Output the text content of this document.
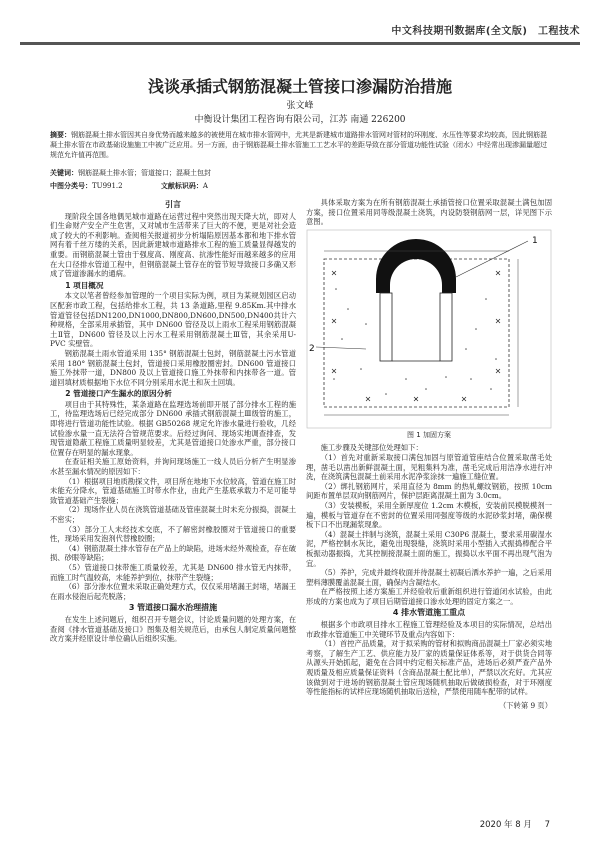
中文科技期刊数据库(全文版)　工程技术
浅谈承插式钢筋混凝土管接口渗漏防治措施
张文峰
中衡设计集团工程咨询有限公司，江苏 南通 226200
摘要：钢筋混凝土排水管因其自身优势而越来越多的被使用在城市排水管网中，尤其是新建城市道路排水管网对管材的环刚度、水压性等要求均较高，因此钢筋混凝土排水管在市政基础设施施工中被广泛应用。另一方面，由于钢筋混凝土排水管施工工艺水平的差距导致在部分管道功能性试验（闭水）中经常出现渗漏量超过规范允许值再范围。
关键词：钢筋混凝土排水管；管道接口；混凝土包封
中图分类号：TU991.2	文献标识码：A
引言

现阶段全国各地偶见城市道路在运营过程中突然出现天降大坑，即对人们生命财产安全产生危害，又对城市生活带来了巨大的不便，更是对社会造成了较大的不利影响。查阅相关报道初步分析塌陷原因基本都和地下排水管网有着千丝万缕的关系，因此新建城市道路排水工程的施工质量显得越发的重要。而钢筋混凝土管由于强度高、刚度高、抗渗性能好而越来越多的应用在大口径排水管道工程中，但钢筋混凝土管存在的管节短导致接口多确又形成了管道渗漏水的通病。

1 项目概况

本文以笔者曾经参加管理的一个项目实际为例，项目为某规划园区启动区配套市政工程，包括给排水工程，共 13 条道路,里程 9.85Km.其中排水管道管径包括DN1200,DN1000,DN800,DN600,DN500,DN400共计六种规格，全部采用承插管，其中 DN600 管径及以上雨水工程采用钢筋混凝土Ⅱ管，DN600 管径及以上污水工程采用钢筋混凝土Ⅲ管，其余采用U-PVC 实壁管。

钢筋混凝土雨水管道采用 135° 钢筋混凝土包封，钢筋混凝土污水管道采用 180° 钢筋混凝土包封，管道接口采用橡胶圈密封。DN600 管道接口施工外抹带一道，DN800 及以上管道接口施工外抹带和内抹带各一道。管道回填材质根据地下水位不同分别采用水泥土和灰土回填。

2 管道接口产生漏水的原因分析

项目由于其特殊性，某条道路在监理选场前即开展了部分排水工程的施工，待监理选场后已经完成部分 DN600 承插式钢筋混凝土Ⅲ级管的施工，即将进行管道功能性试验。根据 GB50268 规定允许渗水量进行验收，几经试验渗水量一直无法符合管规范要求。后经过询问、现场实地调查排查，发现管道隐蔽工程施工质量明显较差，尤其是管道接口处渗水严重，部分接口位置存在明显的漏水现象。

在查证相关施工原始资料，并询问现场施工一线人员后分析产生明显渗水甚至漏水情况的原因如下：

（1）根据项目地质勘探文件，项目所在地地下水位较高，管道在施工时未能充分降水，管道基础施工时带水作业，由此产生基底承载力不足可能导致管道基础产生裂缝；

（2）现场作业人员在浇筑管道基础及管座混凝土时未充分振捣，混凝土不密实；

（3）部分工人未经技术交底，不了解密封橡胶圈对于管道接口的重要性，现场采用发泡剂代替橡胶圈；

（4）钢筋混凝土排水管存在产品上的缺陷，进场未经外观检查，存在破损、砂眼等缺陷；

（5）管道接口抹带施工质量较差，尤其是 DN600 排水管无内抹带，而施工时气温较高，未能养护到位，抹带产生裂缝；

（6）部分渗水位置未采取正确处理方式，仅仅采用堵漏王封堵，堵漏王在雨水侵泡后起壳脱落；

3 管道接口漏水治理措施

在发生上述问题后，组织召开专题会议，讨论质量问题的处理方案，在查阅《排水管道基础及接口》图集及相关规范后，由承包人制定质量问题整改方案并经原设计单位确认后组织实施。

具体采取方案为在所有钢筋混凝土承插管接口位置采取混凝土满包加固方案，接口位置采用同等级混凝土浇筑，内设防裂钢筋网一层，详见图下示意图。

1
2
图 1 加固方案

施工步骤及关键部位处理如下：

（1）首先对重新采取接口满包加固与原管道管座结合位置采取凿毛处理，凿毛以凿出新鲜混凝土面，见粗集料为准，凿毛完成后用洁净水进行冲洗，在浇筑满包混凝土前采用水泥净浆涂抹一遍施工缝位置。

（2）绑扎钢筋网片，采用直径为 8mm 的热轧螺纹钢筋，按照 10cm 间距布置单层双向钢筋网片，保护层距离混凝土面为 3.0cm。

（3）安装模板，采用全新厚度位 1.2cm 木模板，安装前民模脱模剂一遍，模板与管道存在不密封的位置采用同强度等级的水泥砂浆封堵，确保模板下口不出现漏浆现象。

（4）混凝土拌制与浇筑，混凝土采用 C30P6 混凝土，要求采用碳湿水泥，严格控制水灰比，避免出现裂缝，浇筑时采用小型插入式振捣棒配合平板振动器振捣，尤其控制接混凝土面的施工，振捣以水平面不再出现气泡为宜。

（5）养护，完成并最终收面并待混凝土初凝后洒水养护一遍，之后采用塑料薄膜覆盖混凝土面，确保内含凝结水。

在严格按照上述方案施工并经验收后重新组织进行管道闭水试验，由此形成的方案也成为了项目后期管道接口渗水处理的固定方案之一。

4 排水管道施工重点

根据多个市政项目排水工程施工管理经验及本项目的实际情况，总结出市政排水管道施工中关键环节及重点内容如下：

（1）首控产品质量，对于拟采购的管材和拟购商品混凝土厂家必须实地考察，了解生产工艺、供应能力及厂家的质量保证体系等，对于供货合同等从源头开始抓起，避免在合同中约定相关标准产品，进场后必须严查产品外观质量及相应质量保证资料（含商品混凝土配比单），严禁以次充好。尤其应该做到对于进场的钢筋混凝土管应现场随机抽取后做破损检查，对于环刚度等性能指标的试样应现场随机抽取后送检，严禁使用随车配带的试样。

（下转第 9 页）
2020 年 8 月 7
